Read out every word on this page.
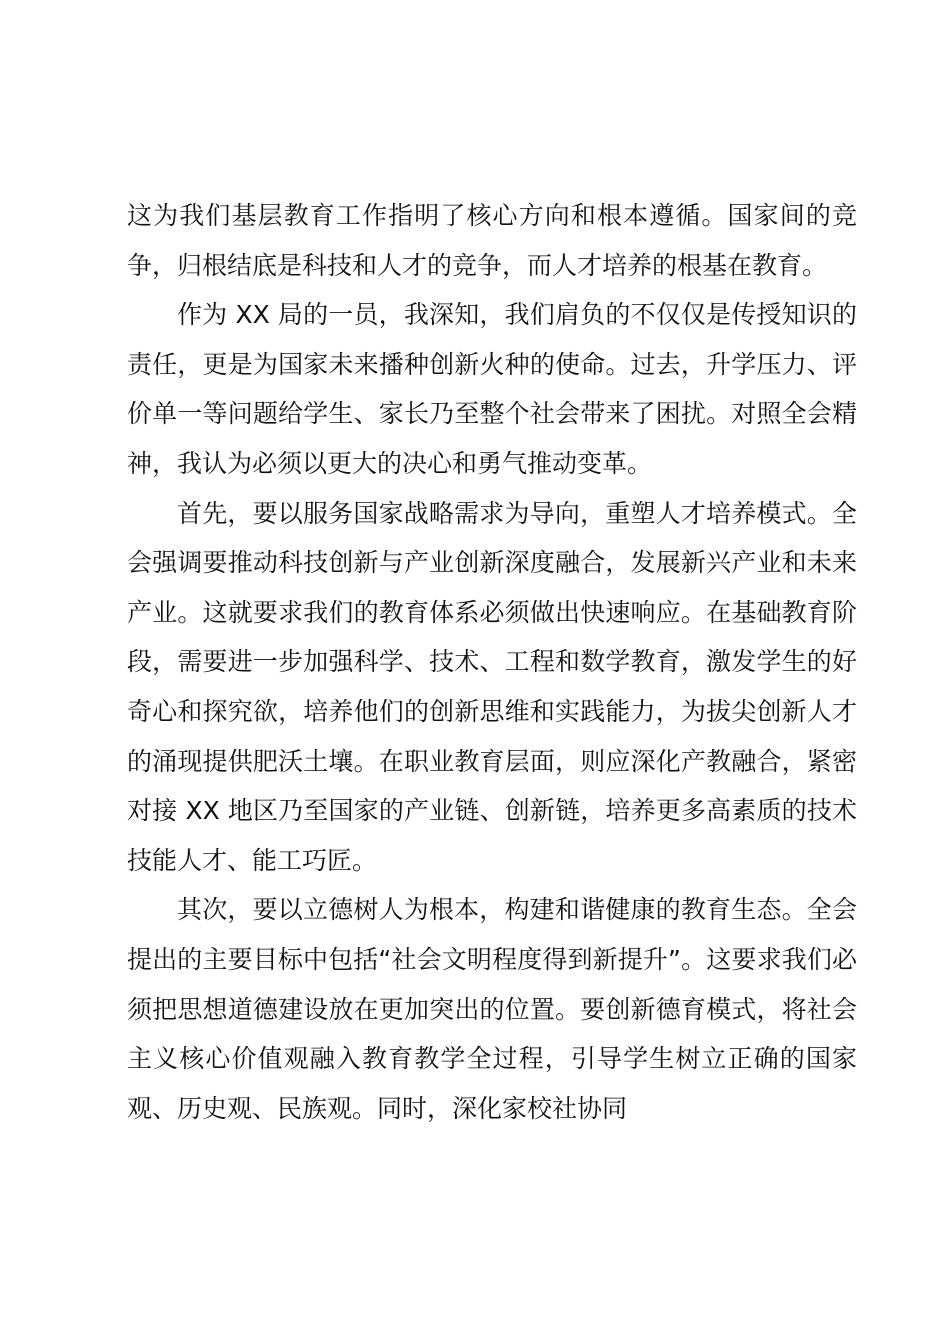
这为我们基层教育工作指明了核心方向和根本遵循。国家间的竞争，归根结底是科技和人才的竞争，而人才培养的根基在教育。

作为 XX 局的一员，我深知，我们肩负的不仅仅是传授知识的责任，更是为国家未来播种创新火种的使命。过去，升学压力、评价单一等问题给学生、家长乃至整个社会带来了困扰。对照全会精神，我认为必须以更大的决心和勇气推动变革。

首先，要以服务国家战略需求为导向，重塑人才培养模式。全会强调要推动科技创新与产业创新深度融合，发展新兴产业和未来产业。这就要求我们的教育体系必须做出快速响应。在基础教育阶段，需要进一步加强科学、技术、工程和数学教育，激发学生的好奇心和探究欲，培养他们的创新思维和实践能力，为拔尖创新人才的涌现提供肥沃土壤。在职业教育层面，则应深化产教融合，紧密对接 XX 地区乃至国家的产业链、创新链，培养更多高素质的技术技能人才、能工巧匠。

其次，要以立德树人为根本，构建和谐健康的教育生态。全会提出的主要目标中包括“社会文明程度得到新提升”。这要求我们必须把思想道德建设放在更加突出的位置。要创新德育模式，将社会主义核心价值观融入教育教学全过程，引导学生树立正确的国家观、历史观、民族观。同时，深化家校社协同
